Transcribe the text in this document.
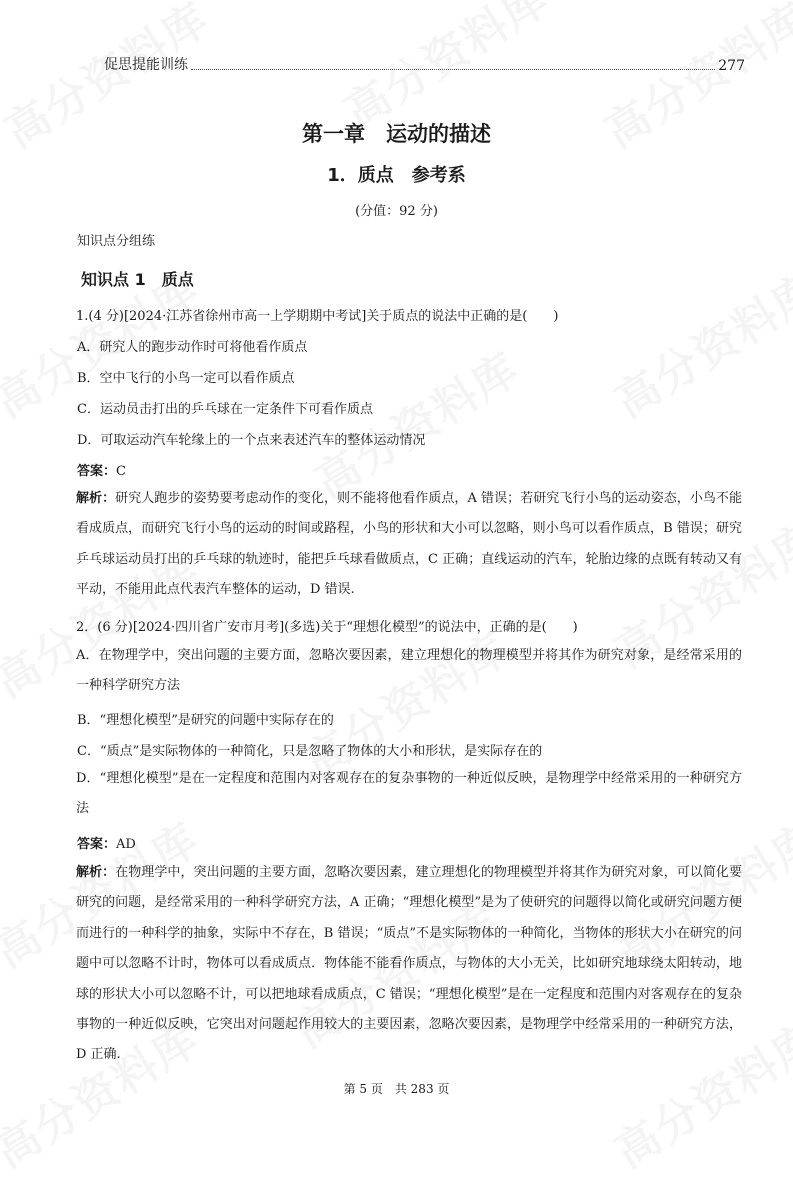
促思提能训练	277
第一章　运动的描述
1．质点　参考系
(分值：92 分)
知识点分组练
知识点 1　质点
1.(4 分)[2024·江苏省徐州市高一上学期期中考试]关于质点的说法中正确的是(　　)
A．研究人的跑步动作时可将他看作质点
B．空中飞行的小鸟一定可以看作质点
C．运动员击打出的乒乓球在一定条件下可看作质点
D．可取运动汽车轮缘上的一个点来表述汽车的整体运动情况
答案：C
解析：研究人跑步的姿势要考虑动作的变化，则不能将他看作质点，A 错误；若研究飞行小鸟的运动姿态，小鸟不能看成质点，而研究飞行小鸟的运动的时间或路程，小鸟的形状和大小可以忽略，则小鸟可以看作质点，B 错误；研究乒乓球运动员打出的乒乓球的轨迹时，能把乒乓球看做质点，C 正确；直线运动的汽车，轮胎边缘的点既有转动又有平动，不能用此点代表汽车整体的运动，D 错误.
2．(6 分)[2024·四川省广安市月考](多选)关于“理想化模型”的说法中，正确的是(　　)
A．在物理学中，突出问题的主要方面，忽略次要因素，建立理想化的物理模型并将其作为研究对象，是经常采用的一种科学研究方法
B．“理想化模型”是研究的问题中实际存在的
C．“质点”是实际物体的一种简化，只是忽略了物体的大小和形状，是实际存在的
D．“理想化模型”是在一定程度和范围内对客观存在的复杂事物的一种近似反映，是物理学中经常采用的一种研究方法
答案：AD
解析：在物理学中，突出问题的主要方面，忽略次要因素，建立理想化的物理模型并将其作为研究对象，可以简化要研究的问题，是经常采用的一种科学研究方法，A 正确；“理想化模型”是为了使研究的问题得以简化或研究问题方便而进行的一种科学的抽象，实际中不存在，B 错误；“质点”不是实际物体的一种简化，当物体的形状大小在研究的问题中可以忽略不计时，物体可以看成质点．物体能不能看作质点，与物体的大小无关，比如研究地球绕太阳转动，地球的形状大小可以忽略不计，可以把地球看成质点，C 错误；“理想化模型”是在一定程度和范围内对客观存在的复杂事物的一种近似反映，它突出对问题起作用较大的主要因素，忽略次要因素，是物理学中经常采用的一种研究方法，D 正确.
第 5 页　共 283 页
